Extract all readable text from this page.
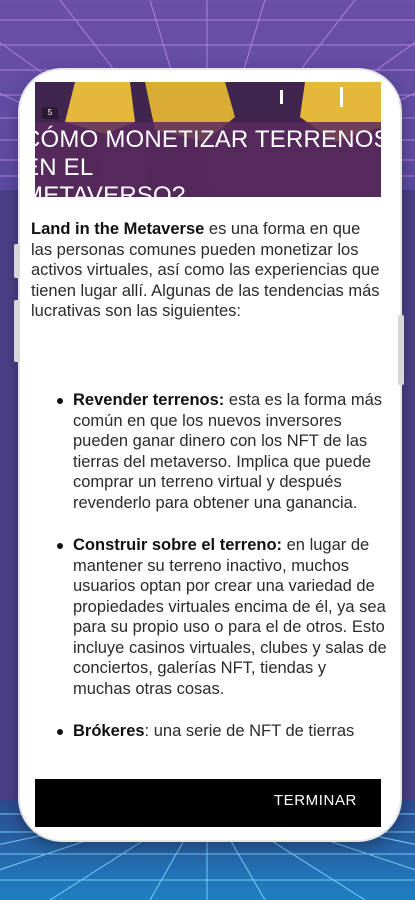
5
CÓMO MONETIZAR TERRENOS EN EL
METAVERSO?

Land in the Metaverse es una forma en que las personas comunes pueden monetizar los activos virtuales, así como las experiencias que tienen lugar allí. Algunas de las tendencias más lucrativas son las siguientes:

Revender terrenos: esta es la forma más común en que los nuevos inversores pueden ganar dinero con los NFT de las tierras del metaverso. Implica que puede comprar un terreno virtual y después revenderlo para obtener una ganancia.
Construir sobre el terreno: en lugar de mantener su terreno inactivo, muchos usuarios optan por crear una variedad de propiedades virtuales encima de él, ya sea para su propio uso o para el de otros. Esto incluye casinos virtuales, clubes y salas de conciertos, galerías NFT, tiendas y muchas otras cosas.
Brókeres: una serie de NFT de tierras
TERMINAR
